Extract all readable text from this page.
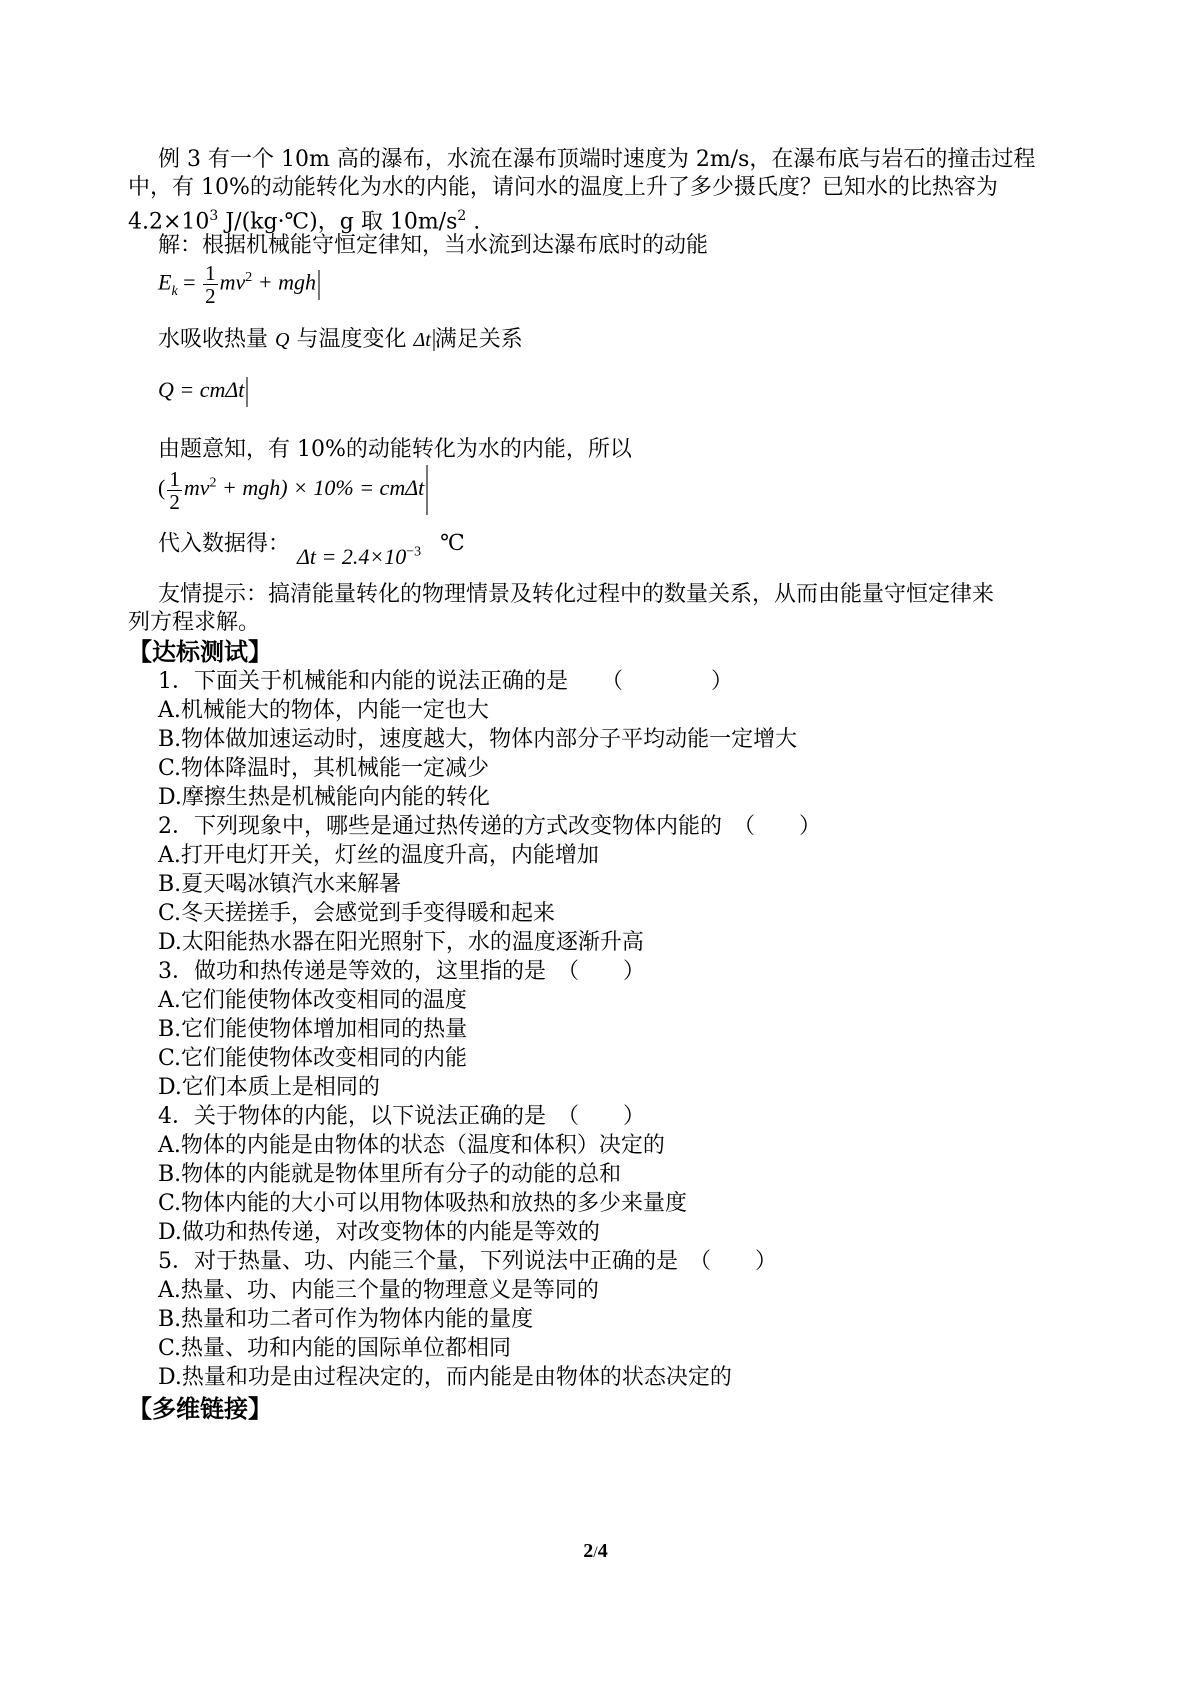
例 3 有一个 10m 高的瀑布，水流在瀑布顶端时速度为 2m/s，在瀑布底与岩石的撞击过程
中，有 10%的动能转化为水的内能，请问水的温度上升了多少摄氏度？已知水的比热容为
$4.2\times 10^3$ J/(kg·℃)，g 取 $10m/s^2$ .
解：根据机械能守恒定律知，当水流到达瀑布底时的动能
$E_k = \frac{1}{2} mv^2$ + mgh
水吸收热量 Q 与温度变化 Δt 满足关系
Q = cmΔt
由题意知，有 10%的动能转化为水的内能，所以
( $\frac{1}{2} mv^2 + mgh) \times 10\% = cm\Delta t$
代入数据得： $\Delta t = 2.4\times 10^{-3}$ ℃
友情提示：搞清能量转化的物理情景及转化过程中的数量关系，从而由能量守恒定律来
列方程求解。
【达标测试】
1．下面关于机械能和内能的说法正确的是　　（　　　　）
A.机械能大的物体，内能一定也大
B.物体做加速运动时，速度越大，物体内部分子平均动能一定增大
C.物体降温时，其机械能一定减少
D.摩擦生热是机械能向内能的转化
2．下列现象中，哪些是通过热传递的方式改变物体内能的　（　　）
A.打开电灯开关，灯丝的温度升高，内能增加
B.夏天喝冰镇汽水来解暑
C.冬天搓搓手，会感觉到手变得暖和起来
D.太阳能热水器在阳光照射下，水的温度逐渐升高
3．做功和热传递是等效的，这里指的是　（　　）
A.它们能使物体改变相同的温度
B.它们能使物体增加相同的热量
C.它们能使物体改变相同的内能
D.它们本质上是相同的
4．关于物体的内能，以下说法正确的是　（　　）
A.物体的内能是由物体的状态（温度和体积）决定的
B.物体的内能就是物体里所有分子的动能的总和
C.物体内能的大小可以用物体吸热和放热的多少来量度
D.做功和热传递，对改变物体的内能是等效的
5．对于热量、功、内能三个量，下列说法中正确的是　（　　）
A.热量、功、内能三个量的物理意义是等同的
B.热量和功二者可作为物体内能的量度
C.热量、功和内能的国际单位都相同
D.热量和功是由过程决定的，而内能是由物体的状态决定的
【多维链接】
2/4
